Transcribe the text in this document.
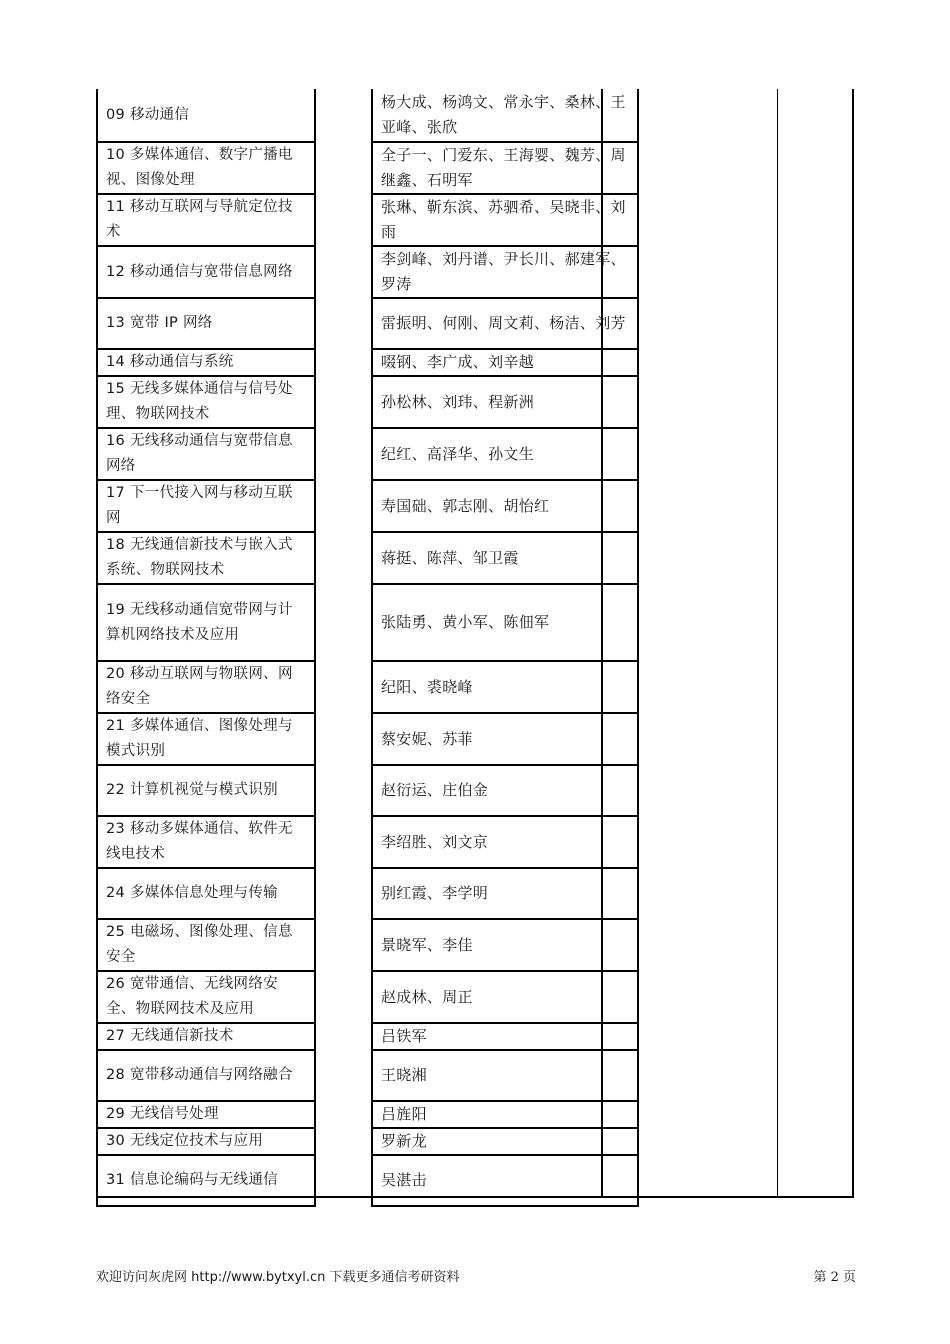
09 移动通信		杨大成、杨鸿文、常永宇、桑林、王亚峰、张欣

10 多媒体通信、数字广播电视、图像处理		全子一、门爱东、王海婴、魏芳、周继鑫、石明军

11 移动互联网与导航定位技术		张琳、靳东滨、苏驷希、吴晓非、刘雨

12 移动通信与宽带信息网络		李剑峰、刘丹谱、尹长川、郝建军、罗涛

13 宽带 IP 网络		雷振明、何刚、周文莉、杨洁、刘芳

14 移动通信与系统		啜钢、李广成、刘辛越

15 无线多媒体通信与信号处理、物联网技术		孙松林、刘玮、程新洲

16 无线移动通信与宽带信息网络		纪红、高泽华、孙文生

17 下一代接入网与移动互联网		寿国础、郭志刚、胡怡红

18 无线通信新技术与嵌入式系统、物联网技术		蒋挺、陈萍、邹卫霞

19 无线移动通信宽带网与计算机网络技术及应用		张陆勇、黄小军、陈佃军

20 移动互联网与物联网、网络安全		纪阳、裘晓峰

21 多媒体通信、图像处理与模式识别		蔡安妮、苏菲

22 计算机视觉与模式识别		赵衍运、庄伯金

23 移动多媒体通信、软件无线电技术		李绍胜、刘文京

24 多媒体信息处理与传输		别红霞、李学明

25 电磁场、图像处理、信息安全		景晓军、李佳

26 宽带通信、无线网络安全、物联网技术及应用		赵成林、周正

27 无线通信新技术		吕铁军

28 宽带移动通信与网络融合		王晓湘

29 无线信号处理		吕旌阳

30 无线定位技术与应用		罗新龙

31 信息论编码与无线通信		吴湛击
欢迎访问灰虎网 http://www.bytxyl.cn 下载更多通信考研资料	第 2 页
